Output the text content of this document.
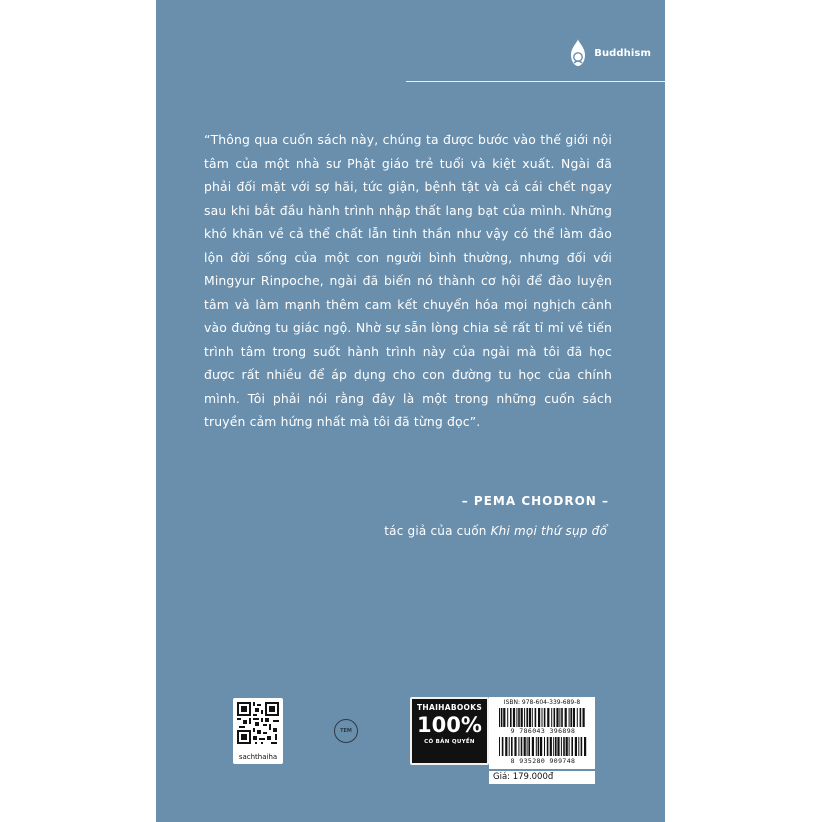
Buddhism
“Thông qua cuốn sách này, chúng ta được bước vào thế giới nội tâm của một nhà sư Phật giáo trẻ tuổi và kiệt xuất. Ngài đã phải đối mặt với sợ hãi, tức giận, bệnh tật và cả cái chết ngay sau khi bắt đầu hành trình nhập thất lang bạt của mình. Những khó khăn về cả thể chất lẫn tinh thần như vậy có thể làm đảo lộn đời sống của một con người bình thường, nhưng đối với Mingyur Rinpoche, ngài đã biến nó thành cơ hội để đào luyện tâm và làm mạnh thêm cam kết chuyển hóa mọi nghịch cảnh vào đường tu giác ngộ. Nhờ sự sẵn lòng chia sẻ rất tỉ mỉ về tiến trình tâm trong suốt hành trình này của ngài mà tôi đã học được rất nhiều để áp dụng cho con đường tu học của chính mình. Tôi phải nói rằng đây là một trong những cuốn sách truyền cảm hứng nhất mà tôi đã từng đọc”.
– PEMA CHODRON –
tác giả của cuốn Khi mọi thứ sụp đổ
sachthaiha
TEM
THAIHABOOKS
100%
CÓ BẢN QUYỀN
ISBN: 978-604-339-689-8
9 786043 396898
8 935280 909748
Giá: 179.000đ
